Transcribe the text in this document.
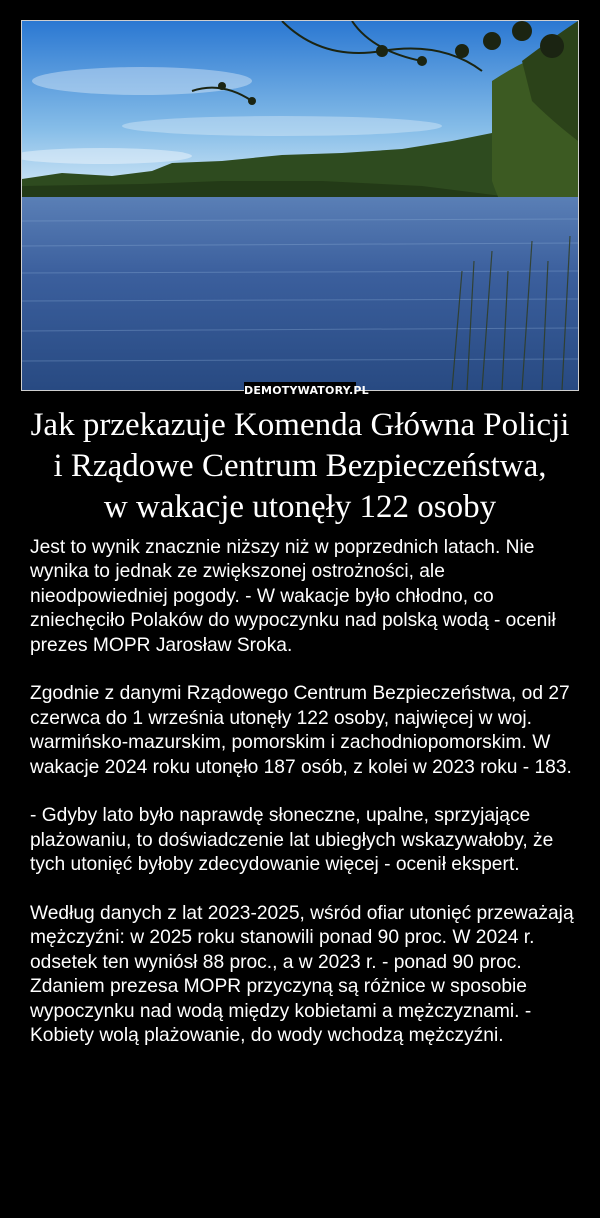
DEMOTYWATORY.PL
Jak przekazuje Komenda Główna Policji
i Rządowe Centrum Bezpieczeństwa,
w wakacje utonęły 122 osoby

Jest to wynik znacznie niższy niż w poprzednich latach. Nie wynika to jednak ze zwiększonej ostrożności, ale nieodpowiedniej pogody. - W wakacje było chłodno, co zniechęciło Polaków do wypoczynku nad polską wodą - ocenił prezes MOPR Jarosław Sroka.

Zgodnie z danymi Rządowego Centrum Bezpieczeństwa, od 27 czerwca do 1 września utonęły 122 osoby, najwięcej w woj. warmińsko-mazurskim, pomorskim i zachodniopomorskim. W wakacje 2024 roku utonęło 187 osób, z kolei w 2023 roku - 183.

- Gdyby lato było naprawdę słoneczne, upalne, sprzyjające plażowaniu, to doświadczenie lat ubiegłych wskazywałoby, że tych utonięć byłoby zdecydowanie więcej - ocenił ekspert.

Według danych z lat 2023-2025, wśród ofiar utonięć przeważają mężczyźni: w 2025 roku stanowili ponad 90 proc. W 2024 r. odsetek ten wyniósł 88 proc., a w 2023 r. - ponad 90 proc. Zdaniem prezesa MOPR przyczyną są różnice w sposobie wypoczynku nad wodą między kobietami a mężczyznami. - Kobiety wolą plażowanie, do wody wchodzą mężczyźni.
